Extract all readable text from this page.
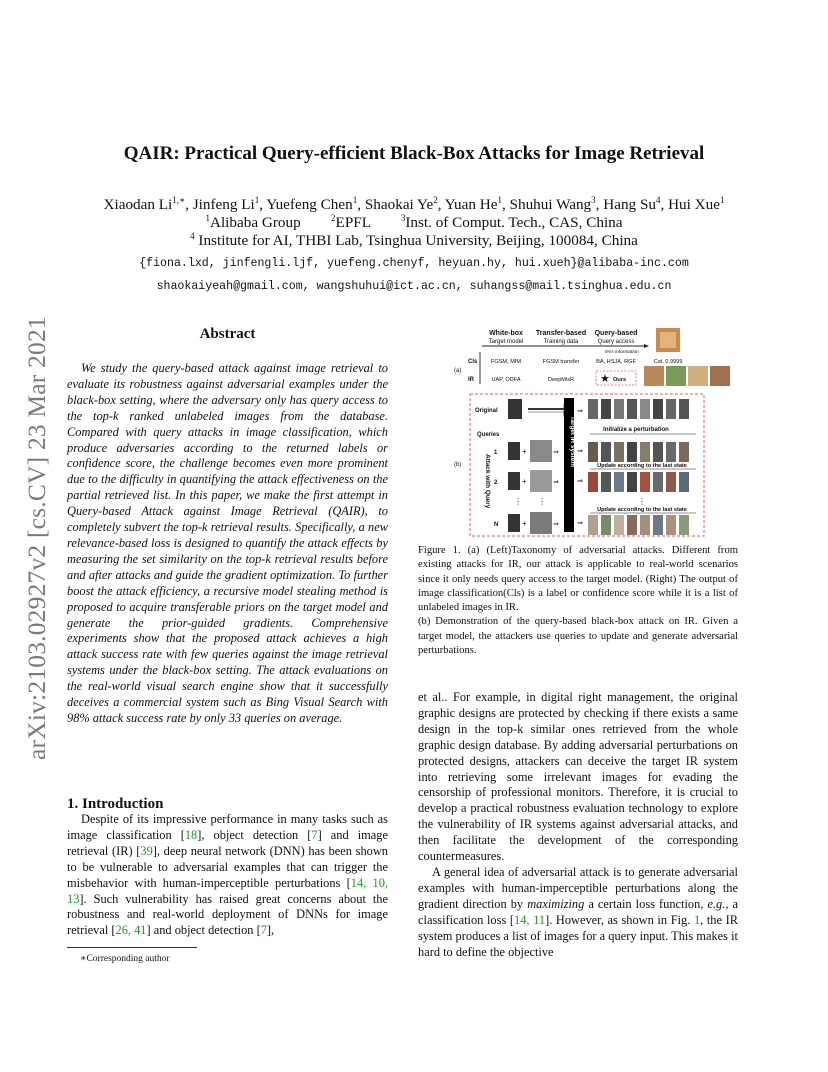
arXiv:2103.02927v2 [cs.CV] 23 Mar 2021
QAIR: Practical Query-efficient Black-Box Attacks for Image Retrieval
Xiaodan $Li^{1,∗}$, Jinfeng Li$^1$, Yuefeng Chen$^1$, Shaokai Ye$^2$, Yuan He$^1$, Shuhui Wang$^3$, Hang Su$^4$, Hui Xue$^1$
$^1$Alibaba Group	$^2$EPFL	$^3$Inst. of Comput. Tech., CAS, China
$^4$ Institute for AI, THBI Lab, Tsinghua University, Beijing, 100084, China
{fiona.lxd, jinfengli.ljf, yuefeng.chenyf, heyuan.hy, hui.xueh}@alibaba-inc.com
shaokaiyeah@gmail.com, wangshuhui@ict.ac.cn, suhangss@mail.tsinghua.edu.cn
Abstract
We study the query-based attack against image retrieval to evaluate its robustness against adversarial examples under the black-box setting, where the adversary only has query access to the top-k ranked unlabeled images from the database. Compared with query attacks in image classification, which produce adversaries according to the returned labels or confidence score, the challenge becomes even more prominent due to the difficulty in quantifying the attack effectiveness on the partial retrieved list. In this paper, we make the first attempt in Query-based Attack against Image Retrieval (QAIR), to completely subvert the top-k retrieval results. Specifically, a new relevance-based loss is designed to quantify the attack effects by measuring the set similarity on the top-k retrieval results before and after attacks and guide the gradient optimization. To further boost the attack efficiency, a recursive model stealing method is proposed to acquire transferable priors on the target model and generate the prior-guided gradients. Comprehensive experiments show that the proposed attack achieves a high attack success rate with few queries against the image retrieval systems under the black-box setting. The attack evaluations on the real-world visual search engine show that it successfully deceives a commercial system such as Bing Visual Search with 98% attack success rate by only 33 queries on average.
1. Introduction
Despite of its impressive performance in many tasks such as image classification [18], object detection [7] and image retrieval (IR) [39], deep neural network (DNN) has been shown to be vulnerable to adversarial examples that can trigger the misbehavior with human-imperceptible perturbations [14, 10, 13]. Such vulnerability has raised great concerns about the robustness and real-world deployment of DNNs for image retrieval [26, 41] and object detection [7],
∗Corresponding author
White-box
Target model
Transfer-based
Training data
Query-based
Query access
less information
(a)
Cls FGSM, MIM	FGSM transfer	BA, HSJA, RGF	Cat, 0.9999
IR	UAP, ODFA	DeepMisR ★ Ours
(b)
Original
Target IR system
Attack with Query
Queries
1	+	⇒
2	+	⇒
⋮ ⋮
N	+	⇒
⇒
⇒
⇒
⇒
Initialize a perturbation
Update according to the last state
⋮
Update according to the last state
Figure 1. (a) (Left)Taxonomy of adversarial attacks. Different from existing attacks for IR, our attack is applicable to real-world scenarios since it only needs query access to the target model. (Right) The output of image classification(Cls) is a label or confidence score while it is a list of unlabeled images in IR.
(b) Demonstration of the query-based black-box attack on IR. Given a target model, the attackers use queries to update and generate adversarial perturbations.
et al.. For example, in digital right management, the original graphic designs are protected by checking if there exists a same design in the top-k similar ones retrieved from the whole graphic design database. By adding adversarial perturbations on protected designs, attackers can deceive the target IR system into retrieving some irrelevant images for evading the censorship of professional monitors. Therefore, it is crucial to develop a practical robustness evaluation technology to explore the vulnerability of IR systems against adversarial attacks, and then facilitate the development of the corresponding countermeasures.
A general idea of adversarial attack is to generate adversarial examples with human-imperceptible perturbations along the gradient direction by maximizing a certain loss function, e.g., a classification loss [14, 11]. However, as shown in Fig. 1, the IR system produces a list of images for a query input. This makes it hard to define the objective
